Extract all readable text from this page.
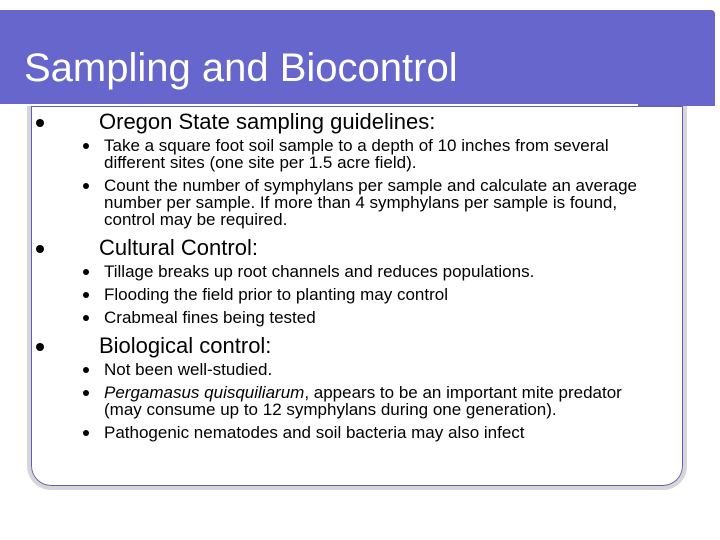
Sampling and Biocontrol
Oregon State sampling guidelines:
Take a square foot soil sample to a depth of 10 inches from several different sites (one site per 1.5 acre field).
Count the number of symphylans per sample and calculate an average number per sample. If more than 4 symphylans per sample is found, control may be required.
Cultural Control:
Tillage breaks up root channels and reduces populations.
Flooding the field prior to planting may control
Crabmeal fines being tested
Biological control:
Not been well-studied.
Pergamasus quisquiliarum, appears to be an important mite predator (may consume up to 12 symphylans during one generation).
Pathogenic nematodes and soil bacteria may also infect
